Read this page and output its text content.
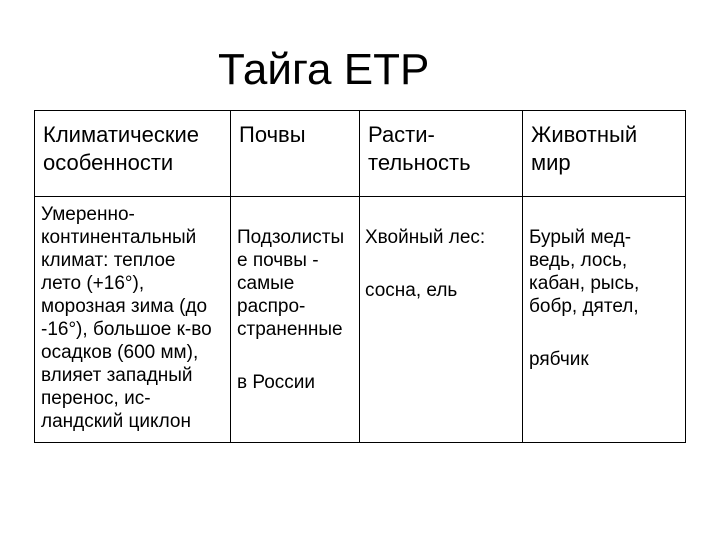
Тайга ЕТР
Климатические
особенности
Почвы	Расти-
тельность
Животный
мир
Умеренно-
континентальный
климат: теплое
лето (+16°),
морозная зима (до
-16°), большое к-во
осадков (600 мм),
влияет западный
перенос, ис-
ландский циклон

Подзолисты
е почвы -
самые
распро-
страненные

в России

Хвойный лес:

сосна, ель

Бурый мед-
ведь, лось,
кабан, рысь,
бобр, дятел,

рябчик
